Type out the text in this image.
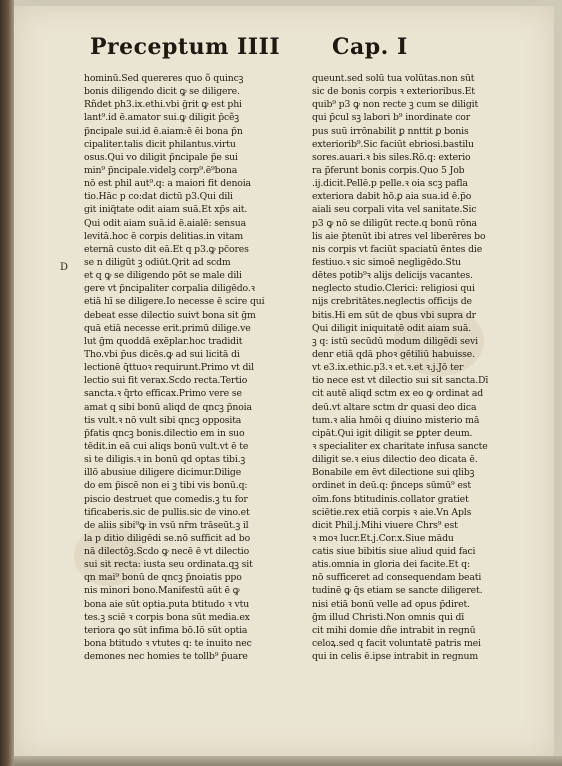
Preceptum IIII Cap. I
D
hominū.Sed quereres quo õ quincꝫ
bonis diligendo dicit ꝙ se diligere.
Rñdet ph3.ix.ethi.vbi ḡrit ꝙ est phi
lant⁹.id ē.amator sui.ꝙ diligit p̄cẽꝫ
p̃ncipale sui.id ē.aiam:ē ēi bona p̃n
cipaliter.talis dicit philantus.virtu
osus.Qui vo diligit p̃ncipale p̃e sui
min⁹ p̃ncipale.videlꝫ corp⁹.ē⁹bona
nō est phil aut⁹.q: a maiori fit denoia
tio.Hāc p co:dat dictū p3.Qui dili
git iniq̃tate odit aiam suā.Et xp̃s ait.
Qui odit aiam suā.id ē.aialē: sensua
levitā.hoc ē corpis delitias.in vitam
eternā custo dit eā.Et q p3.ꝙ pc̃ores
se n diligūt ꝫ odiūt.Qrit ad scdm
et q ꝙ se diligendo pōt se male dili
gere vt p̃ncipaliter corpalia diligēdo.ꝛ
etiā hī se diligere.Io necesse ē scire qui
debeat esse dilectio suivt bona sit ḡm
quā etiā necesse erit.primū dilige.ve
lut ḡm quoddā exēplar.hoc tradidit
Tho.vbi p̄us dicēs.ꝙ ad sui licitā di
lectionē q̄ttuoꝛ requirunt.Primo vt dil
lectio sui fit verax.Scdo recta.Tertio
sancta.ꝛ q̄rto efficax.Primo vere se
amat q sibi bonū aliqd de qncꝫ p̃noia
tis vult.ꝛ nō vult sibi qncꝫ opposita
p̃fatis qncꝫ bonis.dilectio em in suo
tēdit.in eā cui aliqs bonū vult.vt ē te
si te diligis.ꝛ in bonū qd optas tibi.ꝫ
illō abusiue diligere dicimur.Dilige
do em p̃iscē non ei ꝫ tibi vis bonū.q:
piscio destruet que comedis.ꝫ tu for
tificaberis.sic de pullis.sic de vino.et
de aliis sibi⁹ꝙ in vsū nr̃m trāseūt.ꝫ il
la p ditio diligēdi se.nō sufficit ad bo
nā dilectōꝫ.Scdo ꝙ necē ē vt dilectio
sui sit recta: iusta seu ordinata.qꝫ sit
qn mai⁹ bonū de qncꝫ p̃noiatis ppo
nis minori bono.Manifestū aūt ē ꝙ
bona aie sūt optia.puta btitudo ꝛ vtu
tes.ꝫ sciē ꝛ corpis bona sūt media.ex
teriora ꝙo sūt infima bō.Iō sūt optia
bona btitudo ꝛ vtutes q: te inuito nec
demones nec homies te tollb⁹ p̃uare
queunt.sed solū tua volūtas.non sūt
sic de bonis corpis ꝛ exterioribus.Et
quib⁹ p3 ꝙ non recte ꝫ cum se diligit
qui p̄cul sꝫ labori b⁹ inordinate cor
pus suū irrōnabilit ꝑ nnttit ꝑ bonis
exteriorib⁹.Sic faciūt ebriosi.bastilu
sores.auari.ꝛ bis siles.Rō.q: exterio
ra p̃ferunt bonis corpis.Quo 5 Job
.ij.dicit.Pellē.p pelle.ꝛ oia scꝫ pafla
exteriora dabit hō.ꝑ aia sua.id ē.p̃o
aiali seu corpali vita vel sanitate.Sic
p3 ꝙ nō se diligūt recte.q bonū rōna
lis aie p̄tenūt ibi atres vel liberēres bo
nis corpis vt faciūt spaciatū ēntes die
festiuo.ꝛ sic simoē negligēdo.Stu
dētes potib⁹ꝛ alijs delicijs vacantes.
neglecto studio.Clerici: religiosi qui
nijs crebritātes.neglectis officijs de
bitis.Hi em sūt de qbus vbi supra dr
Qui diligit iniquitatē odit aiam suā.
ꝫ q: istū secūdū modum diligēdi sevi
denr etiā qdā phoꝛ gētiliū habuisse.
vt e3.ix.ethic.p3.ꝛ et.ꝛ.et ꝛ.j.Jō ter
tio nece est vt dilectio sui sit sancta.Dī
cit autē aliqd sctm ex eo ꝙ ordinat ad
deū.vt altare sctm dr quasi deo dica
tum.ꝛ alia hmōi q diuino misterio mā
cipāt.Qui igit diligit se ꝑpter deum.
ꝛ specialiter ex charitate infusa sancte
diligit se.ꝛ eius dilectio deo dicata ē.
Bonabile em ēvt dilectione sui qlibꝫ
ordinet in deū.q: p̃nceps sūmū⁹ est
oīm.fons btitudinis.collator gratiet
sciētie.rex etiā corpis ꝛ aie.Vn Apls
dicit Phil.j.Mihi viuere Chrs⁹ est
ꝛ moꝛ lucr.Et.j.Cor.x.Siue mādu
catis siue bibitis siue aliud quid faci
atis.omnia in gloria dei facite.Et q:
nō sufficeret ad consequendam beati
tudinē ꝙ q̄s etiam se sancte diligeret.
nisi etiā bonū velle ad opus p̄diret.
ḡm illud Christi.Non omnis qui dī
cit mihi domie dñe intrabit in regnū
celoꝝ.sed q facit voluntatē patris mei
qui in celis ē.ipse intrabit in regnum
